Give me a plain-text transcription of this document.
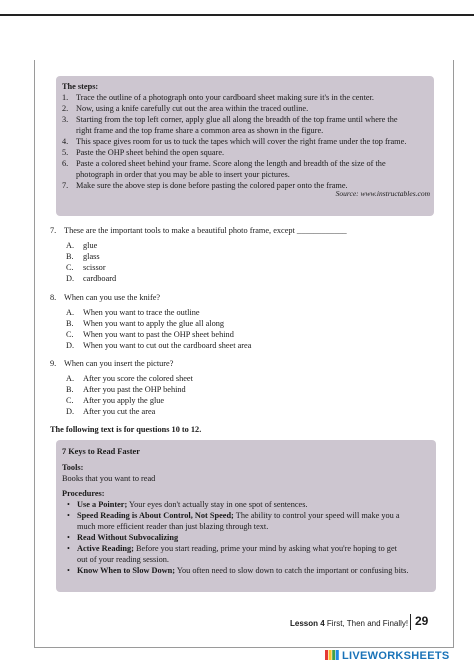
The steps:
1. Trace the outline of a photograph onto your cardboard sheet making sure it's in the center.
2. Now, using a knife carefully cut out the area within the traced outline.
3. Starting from the top left corner, apply glue all along the breadth of the top frame until where the
right frame and the top frame share a common area as shown in the figure.
4. This space gives room for us to tuck the tapes which will cover the right frame under the top frame.
5. Paste the OHP sheet behind the open square.
6. Paste a colored sheet behind your frame. Score along the length and breadth of the size of the
photograph in order that you may be able to insert your pictures.
7. Make sure the above step is done before pasting the colored paper onto the frame.
Source: www.instructables.com
7. These are the important tools to make a beautiful photo frame, except ____________
A. glue
B. glass
C. scissor
D. cardboard
8. When can you use the knife?
A. When you want to trace the outline
B. When you want to apply the glue all along
C. When you want to past the OHP sheet behind
D. When you want to cut out the cardboard sheet area
9. When can you insert the picture?
A. After you score the colored sheet
B. After you past the OHP behind
C. After you apply the glue
D. After you cut the area
The following text is for questions 10 to 12.
7 Keys to Read Faster
Tools:
Books that you want to read
Procedures:
• Use a Pointer; Your eyes don't actually stay in one spot of sentences.
• Speed Reading is About Control, Not Speed; The ability to control your speed will make you a
much more efficient reader than just blazing through text.
• Read Without Subvocalizing
• Active Reading; Before you start reading, prime your mind by asking what you're hoping to get
out of your reading session.
• Know When to Slow Down; You often need to slow down to catch the important or confusing bits.
Lesson 4 First, Then and Finally! 29
LIVEWORKSHEETS
